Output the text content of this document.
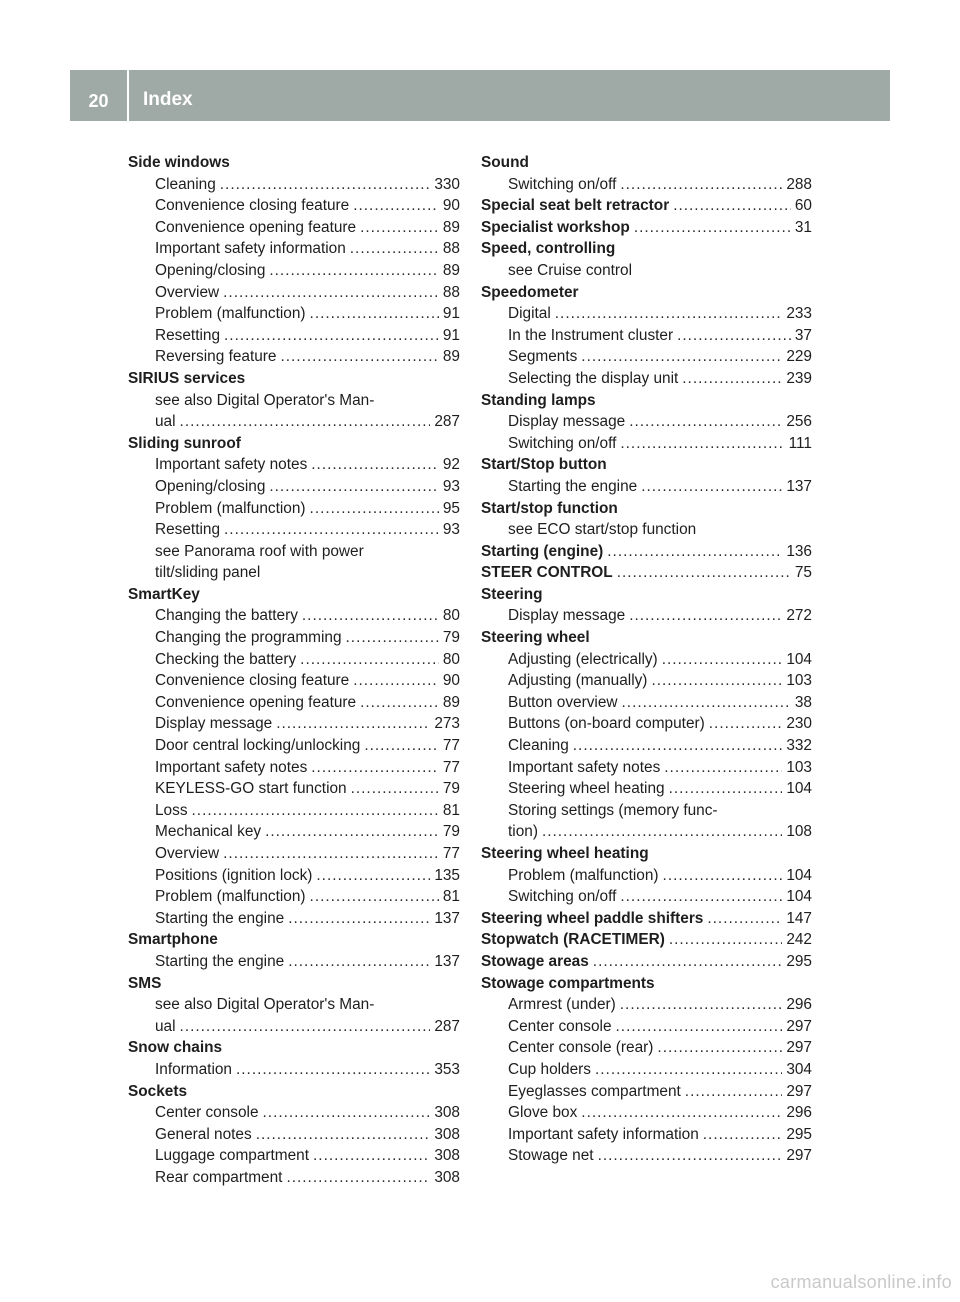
20	Index
Side windows
Cleaning .....	330
Convenience closing feature .....	90
Convenience opening feature .....	89
Important safety information .....	88
Opening/closing .....	89
Overview .....	88
Problem (malfunction) .....	91
Resetting .....	91
Reversing feature .....	89
SIRIUS services
see also Digital Operator's Man-
ual .....	287
Sliding sunroof
Important safety notes .....	92
Opening/closing .....	93
Problem (malfunction) .....	95
Resetting .....	93
see Panorama roof with power
tilt/sliding panel
SmartKey
Changing the battery .....	80
Changing the programming .....	79
Checking the battery .....	80
Convenience closing feature .....	90
Convenience opening feature .....	89
Display message .....	273
Door central locking/unlocking .....	77
Important safety notes .....	77
KEYLESS-GO start function .....	79
Loss .....	81
Mechanical key .....	79
Overview .....	77
Positions (ignition lock) .....	135
Problem (malfunction) .....	81
Starting the engine .....	137
Smartphone
Starting the engine .....	137
SMS
see also Digital Operator's Man-
ual .....	287
Snow chains
Information .....	353
Sockets
Center console .....	308
General notes .....	308
Luggage compartment .....	308
Rear compartment .....	308
Sound
Switching on/off .....	288
Special seat belt retractor .....	60
Specialist workshop .....	31
Speed, controlling
see Cruise control
Speedometer
Digital .....	233
In the Instrument cluster .....	37
Segments .....	229
Selecting the display unit .....	239
Standing lamps
Display message .....	256
Switching on/off .....	111
Start/Stop button
Starting the engine .....	137
Start/stop function
see ECO start/stop function
Starting (engine) .....	136
STEER CONTROL .....	75
Steering
Display message .....	272
Steering wheel
Adjusting (electrically) .....	104
Adjusting (manually) .....	103
Button overview .....	38
Buttons (on-board computer) .....	230
Cleaning .....	332
Important safety notes .....	103
Steering wheel heating .....	104
Storing settings (memory func-
tion) .....	108
Steering wheel heating
Problem (malfunction) .....	104
Switching on/off .....	104
Steering wheel paddle shifters .....	147
Stopwatch (RACETIMER) .....	242
Stowage areas .....	295
Stowage compartments
Armrest (under) .....	296
Center console .....	297
Center console (rear) .....	297
Cup holders .....	304
Eyeglasses compartment .....	297
Glove box .....	296
Important safety information .....	295
Stowage net .....	297
carmanualsonline.info
